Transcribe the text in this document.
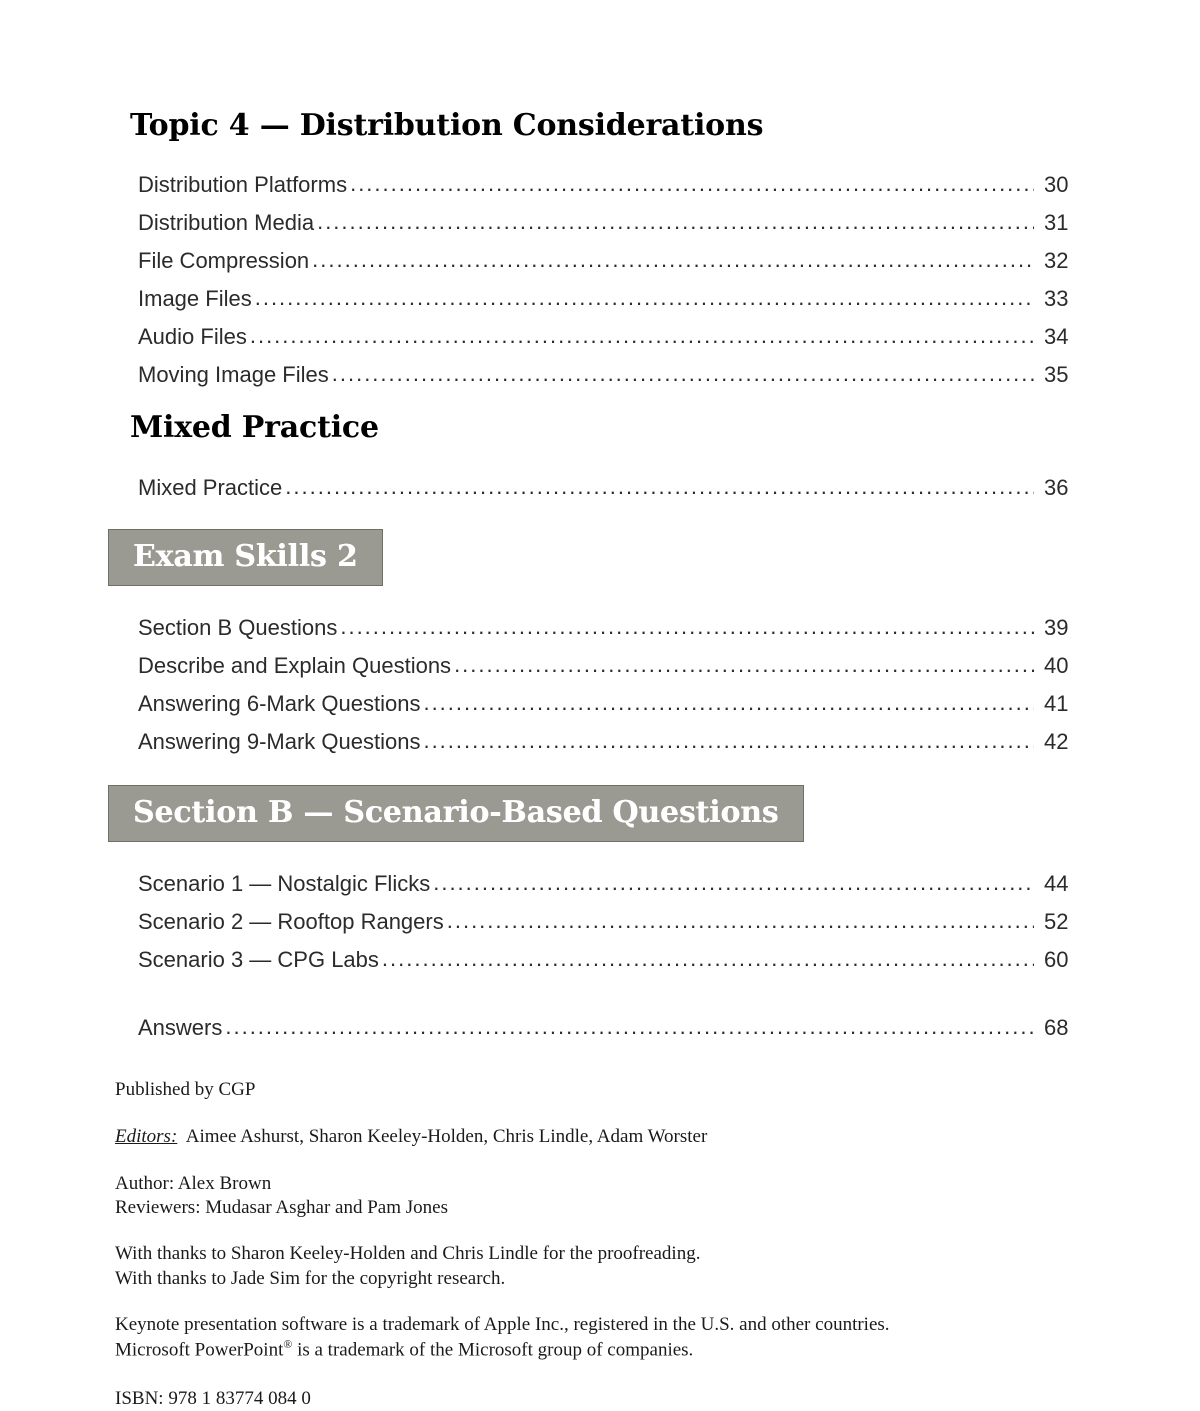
Topic 4 — Distribution Considerations
Distribution Platforms .....	30
Distribution Media .....	31
File Compression .....	32
Image Files .....	33
Audio Files .....	34
Moving Image Files .....	35
Mixed Practice
Mixed Practice .....	36
Exam Skills 2
Section B Questions .....	39
Describe and Explain Questions .....	40
Answering 6-Mark Questions .....	41
Answering 9-Mark Questions .....	42
Section B — Scenario-Based Questions
Scenario 1 — Nostalgic Flicks .....	44
Scenario 2 — Rooftop Rangers .....	52
Scenario 3 — CPG Labs .....	60
Answers .....	68

Published by CGP

Editors: Aimee Ashurst, Sharon Keeley-Holden, Chris Lindle, Adam Worster

Author: Alex Brown

Reviewers: Mudasar Asghar and Pam Jones

With thanks to Sharon Keeley-Holden and Chris Lindle for the proofreading.

With thanks to Jade Sim for the copyright research.

Keynote presentation software is a trademark of Apple Inc., registered in the U.S. and other countries.

Microsoft PowerPoint® is a trademark of the Microsoft group of companies.

ISBN: 978 1 83774 084 0
